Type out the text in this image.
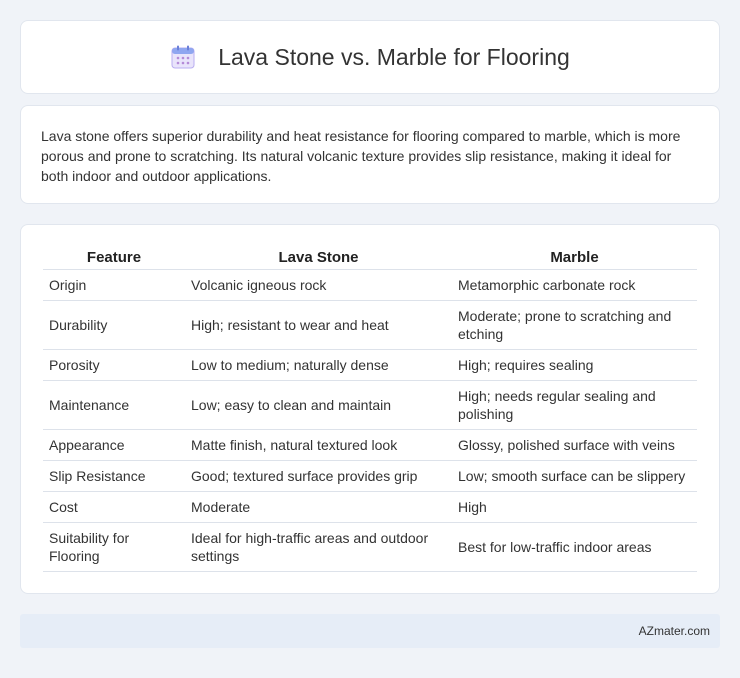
Lava Stone vs. Marble for Flooring

Lava stone offers superior durability and heat resistance for flooring compared to marble, which is more porous and prone to scratching. Its natural volcanic texture provides slip resistance, making it ideal for both indoor and outdoor applications.

Feature	Lava Stone	Marble
Origin	Volcanic igneous rock	Metamorphic carbonate rock
Durability	High; resistant to wear and heat	Moderate; prone to scratching and etching
Porosity	Low to medium; naturally dense	High; requires sealing
Maintenance	Low; easy to clean and maintain	High; needs regular sealing and polishing
Appearance	Matte finish, natural textured look	Glossy, polished surface with veins
Slip Resistance	Good; textured surface provides grip	Low; smooth surface can be slippery
Cost	Moderate	High
Suitability for Flooring	Ideal for high-traffic areas and outdoor settings	Best for low-traffic indoor areas
AZmater.com
